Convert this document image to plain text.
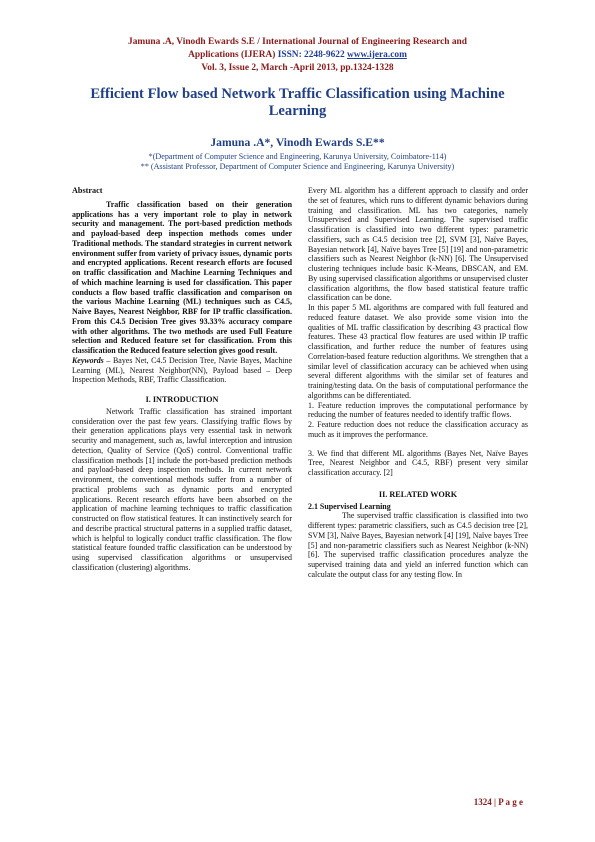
Jamuna .A, Vinodh Ewards S.E / International Journal of Engineering Research and
Applications (IJERA) ISSN: 2248-9622 www.ijera.com
Vol. 3, Issue 2, March -April 2013, pp.1324-1328
Efficient Flow based Network Traffic Classification using Machine Learning
Jamuna .A*, Vinodh Ewards S.E**
*(Department of Computer Science and Engineering, Karunya University, Coimbatore-114)
** (Assistant Professor, Department of Computer Science and Engineering, Karunya University)
Abstract

Traffic classification based on their generation applications has a very important role to play in network security and management. The port-based prediction methods and payload-based deep inspection methods comes under Traditional methods. The standard strategies in current network environment suffer from variety of privacy issues, dynamic ports and encrypted applications. Recent research efforts are focused on traffic classification and Machine Learning Techniques and of which machine learning is used for classification. This paper conducts a flow based traffic classification and comparison on the various Machine Learning (ML) techniques such as C4.5, Naive Bayes, Nearest Neighbor, RBF for IP traffic classification. From this C4.5 Decision Tree gives 93.33% accuracy compare with other algorithms. The two methods are used Full Feature selection and Reduced feature set for classification. From this classification the Reduced feature selection gives good result.

Keywords – Bayes Net, C4.5 Decision Tree, Navie Bayes, Machine Learning (ML), Nearest Neighbor(NN), Payload based – Deep Inspection Methods, RBF, Traffic Classification.

I. INTRODUCTION

Network Traffic classification has strained important consideration over the past few years. Classifying traffic flows by their generation applications plays very essential task in network security and management, such as, lawful interception and intrusion detection, Quality of Service (QoS) control. Conventional traffic classification methods [1] include the port-based prediction methods and payload-based deep inspection methods. In current network environment, the conventional methods suffer from a number of practical problems such as dynamic ports and encrypted applications. Recent research efforts have been absorbed on the application of machine learning techniques to traffic classification constructed on flow statistical features. It can instinctively search for and describe practical structural patterns in a supplied traffic dataset, which is helpful to logically conduct traffic classification. The flow statistical feature founded traffic classification can be understood by using supervised classification algorithms or unsupervised classification (clustering) algorithms.

Every ML algorithm has a different approach to classify and order the set of features, which runs to different dynamic behaviors during training and classification. ML has two categories, namely Unsupervised and Supervised Learning. The supervised traffic classification is classified into two different types: parametric classifiers, such as C4.5 decision tree [2], SVM [3], Naïve Bayes, Bayesian network [4], Naïve bayes Tree [5] [19] and non-parametric classifiers such as Nearest Neighbor (k-NN) [6]. The Unsupervised clustering techniques include basic K-Means, DBSCAN, and EM. By using supervised classification algorithms or unsupervised cluster classification algorithms, the flow based statistical feature traffic classification can be done.

In this paper 5 ML algorithms are compared with full featured and reduced feature dataset. We also provide some vision into the qualities of ML traffic classification by describing 43 practical flow features. These 43 practical flow features are used within IP traffic classification, and further reduce the number of features using Correlation-based feature reduction algorithms. We strengthen that a similar level of classification accuracy can be achieved when using several different algorithms with the similar set of features and training/testing data. On the basis of computational performance the algorithms can be differentiated.

1. Feature reduction improves the computational performance by reducing the number of features needed to identify traffic flows.

2. Feature reduction does not reduce the classification accuracy as much as it improves the performance.

3. We find that different ML algorithms (Bayes Net, Naïve Bayes Tree, Nearest Neighbor and C4.5, RBF) present very similar classification accuracy. [2]

II. RELATED WORK
2.1 Supervised Learning

The supervised traffic classification is classified into two different types: parametric classifiers, such as C4.5 decision tree [2], SVM [3], Naïve Bayes, Bayesian network [4] [19], Naïve bayes Tree [5] and non-parametric classifiers such as Nearest Neighbor (k-NN) [6]. The supervised traffic classification procedures analyze the supervised training data and yield an inferred function which can calculate the output class for any testing flow. In

1324 | P a g e
